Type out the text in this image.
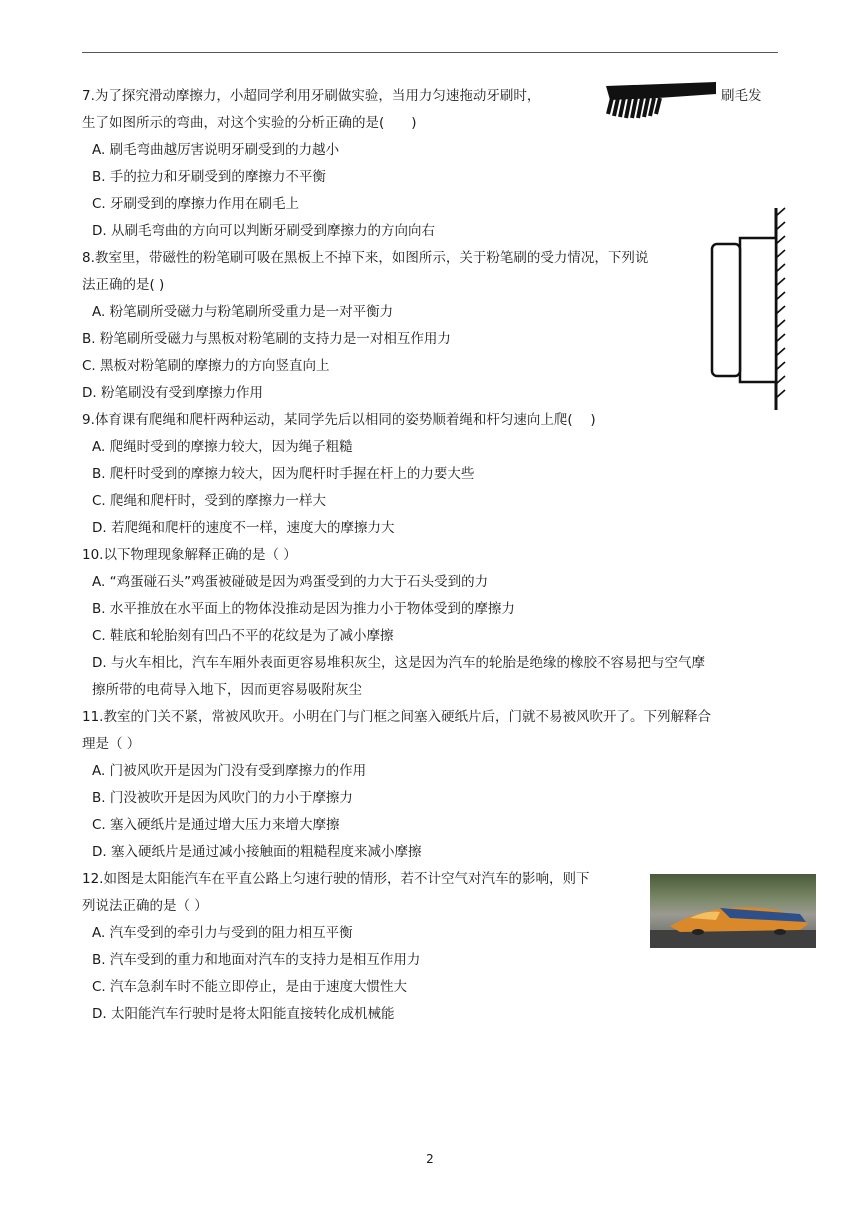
7.为了探究滑动摩擦力，小超同学利用牙刷做实验，当用力匀速拖动牙刷时，	刷毛发
生了如图所示的弯曲，对这个实验的分析正确的是(　　)
A. 刷毛弯曲越厉害说明牙刷受到的力越小
B. 手的拉力和牙刷受到的摩擦力不平衡
C. 牙刷受到的摩擦力作用在刷毛上
D. 从刷毛弯曲的方向可以判断牙刷受到摩擦力的方向向右
8.教室里，带磁性的粉笔刷可吸在黑板上不掉下来，如图所示，关于粉笔刷的受力情况，下列说
法正确的是( )
A. 粉笔刷所受磁力与粉笔刷所受重力是一对平衡力
B. 粉笔刷所受磁力与黑板对粉笔刷的支持力是一对相互作用力
C. 黑板对粉笔刷的摩擦力的方向竖直向上
D. 粉笔刷没有受到摩擦力作用
9.体育课有爬绳和爬杆两种运动，某同学先后以相同的姿势顺着绳和杆匀速向上爬(　 )
A. 爬绳时受到的摩擦力较大，因为绳子粗糙
B. 爬杆时受到的摩擦力较大，因为爬杆时手握在杆上的力要大些
C. 爬绳和爬杆时，受到的摩擦力一样大
D. 若爬绳和爬杆的速度不一样，速度大的摩擦力大
10.以下物理现象解释正确的是（ ）
A. “鸡蛋碰石头”鸡蛋被碰破是因为鸡蛋受到的力大于石头受到的力
B. 水平推放在水平面上的物体没推动是因为推力小于物体受到的摩擦力
C. 鞋底和轮胎刻有凹凸不平的花纹是为了减小摩擦
D. 与火车相比，汽车车厢外表面更容易堆积灰尘，这是因为汽车的轮胎是绝缘的橡胶不容易把与空气摩
擦所带的电荷导入地下，因而更容易吸附灰尘
11.教室的门关不紧，常被风吹开。小明在门与门框之间塞入硬纸片后，门就不易被风吹开了。下列解释合
理是（ ）
A. 门被风吹开是因为门没有受到摩擦力的作用
B. 门没被吹开是因为风吹门的力小于摩擦力
C. 塞入硬纸片是通过增大压力来增大摩擦
D. 塞入硬纸片是通过减小接触面的粗糙程度来减小摩擦
12.如图是太阳能汽车在平直公路上匀速行驶的情形，若不计空气对汽车的影响，则下
列说法正确的是（ ）
A. 汽车受到的牵引力与受到的阻力相互平衡
B. 汽车受到的重力和地面对汽车的支持力是相互作用力
C. 汽车急刹车时不能立即停止，是由于速度大惯性大
D. 太阳能汽车行驶时是将太阳能直接转化成机械能
2
